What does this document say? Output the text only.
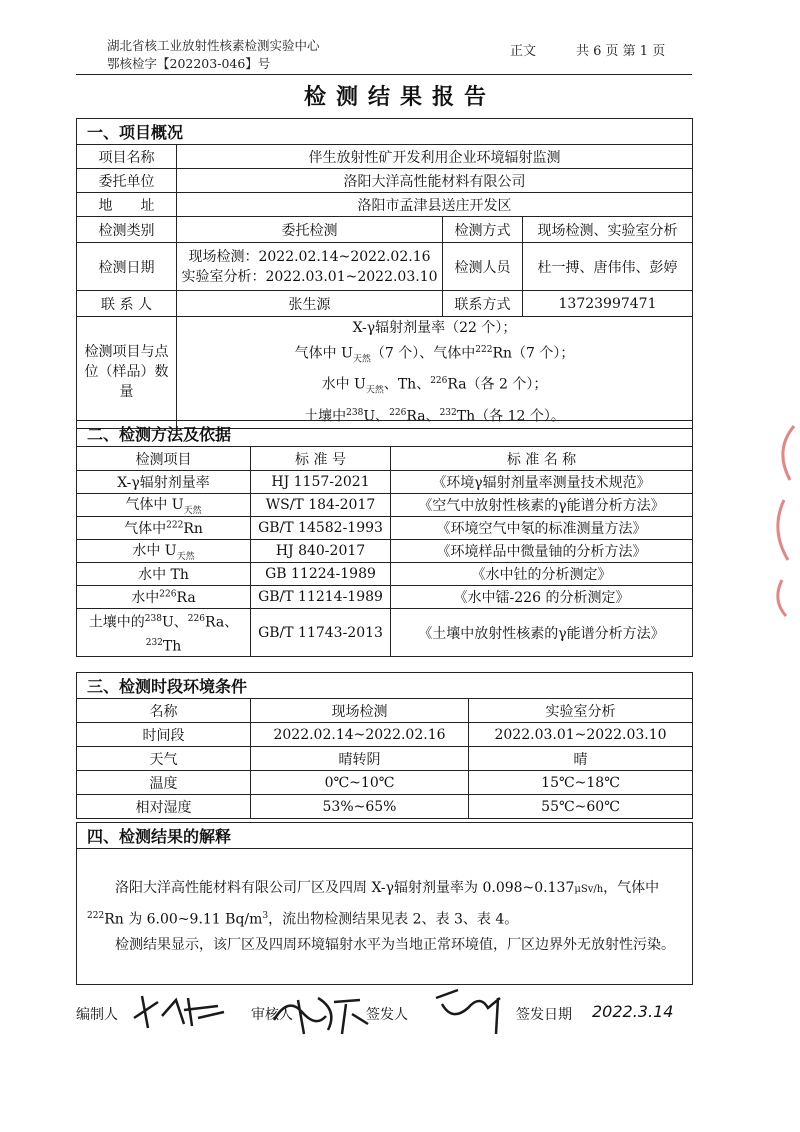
湖北省核工业放射性核素检测实验中心
鄂核检字【202203-046】号
正文	共 6 页 第 1 页
检测结果报告
一、项目概况			
项目名称	伴生放射性矿开发利用企业环境辐射监测		
委托单位	洛阳大洋高性能材料有限公司		
地　　址	洛阳市孟津县送庄开发区		
检测类别	委托检测	检测方式	现场检测、实验室分析
检测日期	现场检测：2022.02.14~2022.02.16
实验室分析：2022.03.01~2022.03.10	检测人员	杜一搏、唐伟伟、彭婷
联 系 人	张生源	联系方式	13723997471
检测项目与点位（样品）数量	X-γ辐射剂量率（22 个）；
气体中 $U_{天然}(7$ 个）、气体中$^{222}$Rn（7 个）；
水中 $U_{天然}$、Th、$^{226}$Ra（各 2 个）；
土壤中$^{238}$U、$^{226}$Ra、$^{232}$Th（各 12 个）。		
二、检测方法及依据		
检测项目	标 准 号	标 准 名 称
X-γ辐射剂量率	HJ 1157-2021	《环境γ辐射剂量率测量技术规范》
气体中 $U_{天然}$	WS/T 184-2017	《空气中放射性核素的γ能谱分析方法》
气体中$^{222}$Rn	GB/T 14582-1993	《环境空气中氡的标准测量方法》
水中 $U_{天然}$	HJ 840-2017	《环境样品中微量铀的分析方法》
水中 Th	GB 11224-1989	《水中钍的分析测定》
水中$^{226}$Ra	GB/T 11214-1989	《水中镭-226 的分析测定》
土壤中的$^{238}$U、$^{226}$Ra、
$^{232}$Th	GB/T 11743-2013	《土壤中放射性核素的γ能谱分析方法》
三、检测时段环境条件		
名称	现场检测	实验室分析
时间段	2022.02.14~2022.02.16	2022.03.01~2022.03.10
天气	晴转阴	晴
温度	0℃~10℃	15℃~18℃
相对湿度	53%~65%	55℃~60℃
四、检测结果的解释

洛阳大洋高性能材料有限公司厂区及四周 X-γ辐射剂量率为 0.098~0.137μSv/h，气体中$^{222}$Rn 为 6.00~9.11 $Bq/m^3$，流出物检测结果见表 2、表 3、表 4。
检测结果显示，该厂区及四周环境辐射水平为当地正常环境值，厂区边界外无放射性污染。
编制人	审核人	签发人	签发日期 2022.3.14
